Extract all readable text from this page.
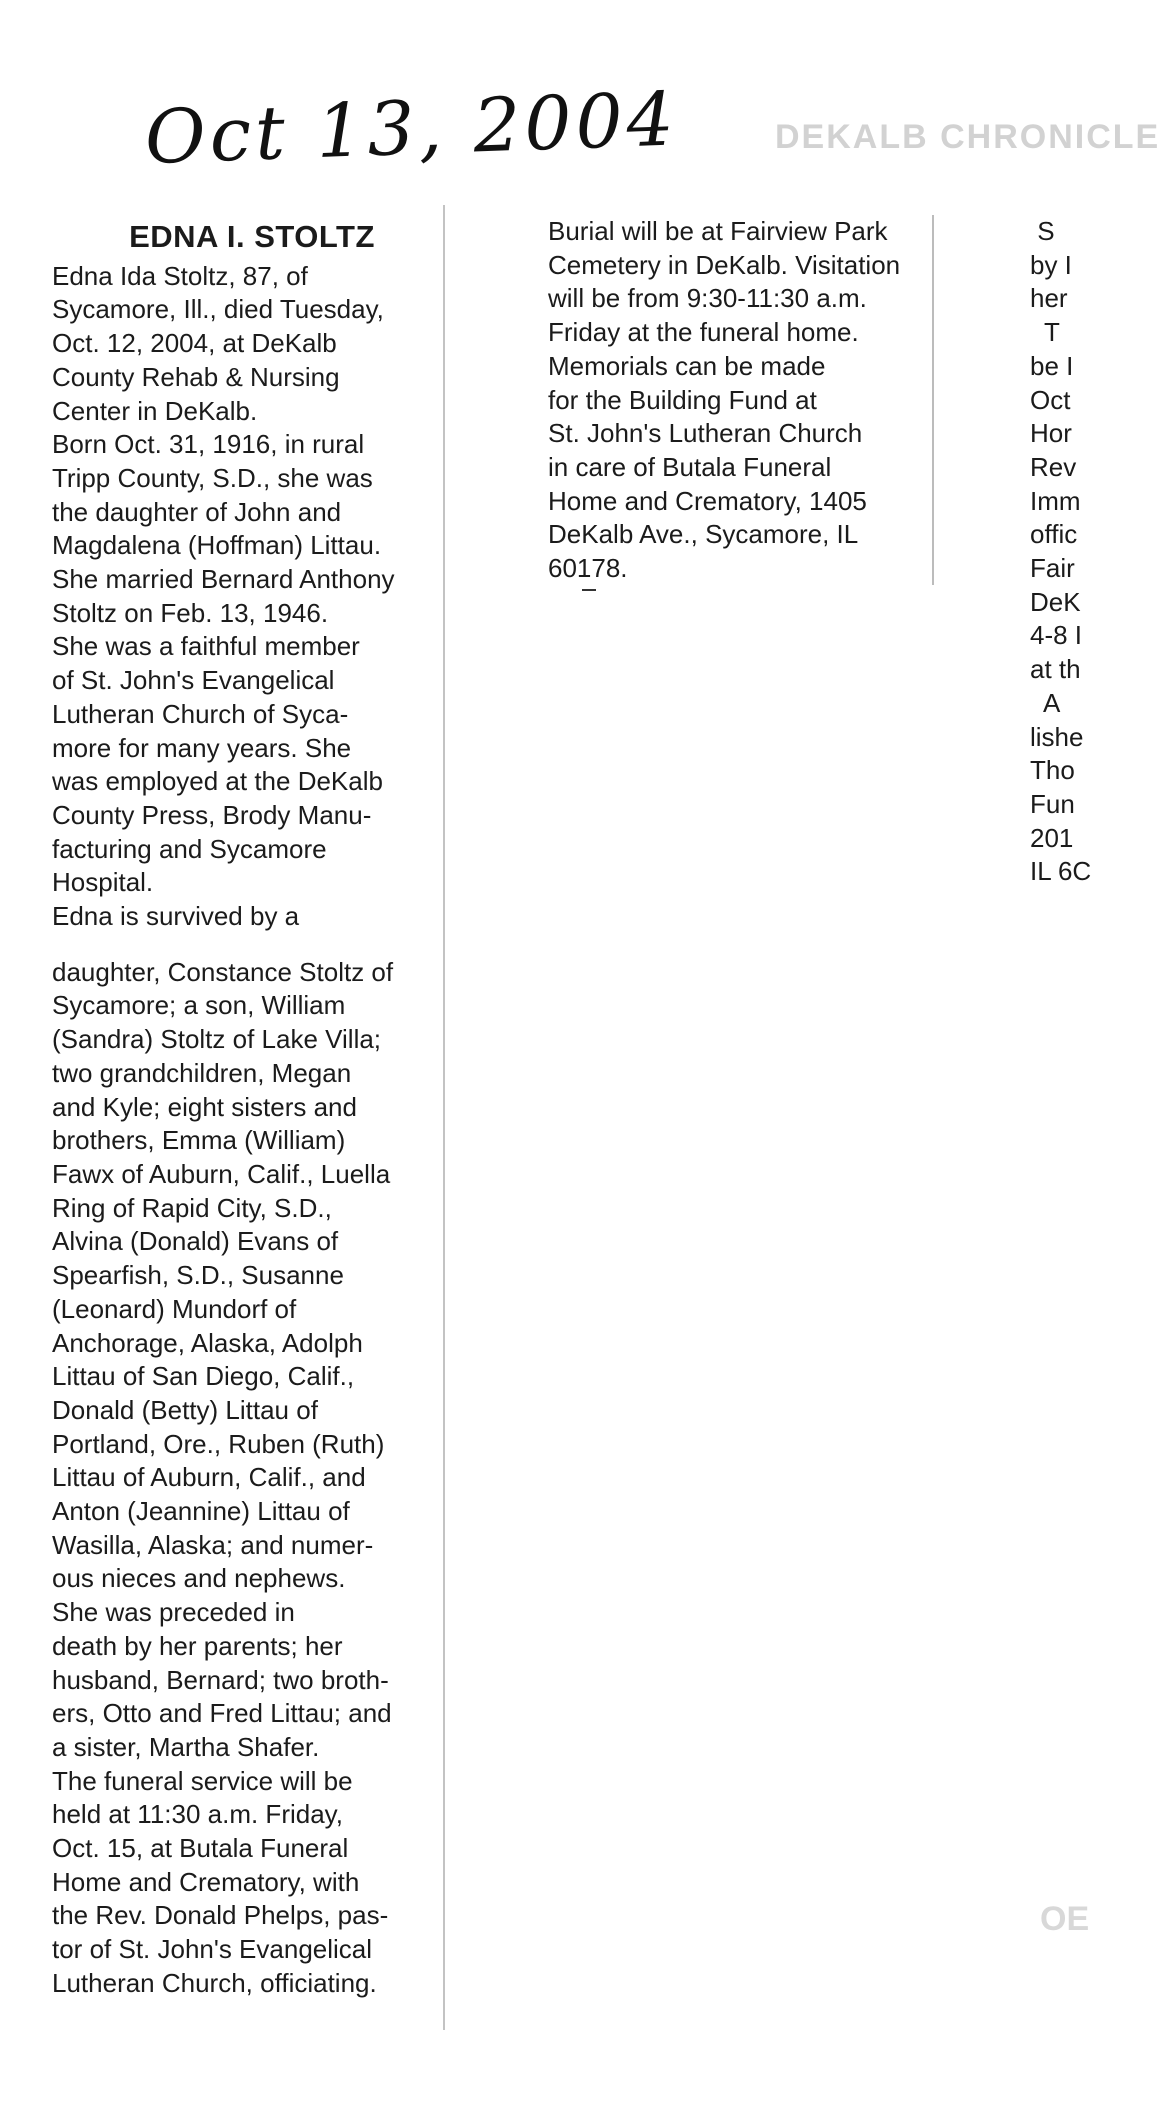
Oct 13, 2004	DEKALB CHRONICLE
EDNA I. STOLTZ

Edna Ida Stoltz, 87, of
Sycamore, Ill., died Tuesday,
Oct. 12, 2004, at DeKalb
County Rehab & Nursing
Center in DeKalb.

Born Oct. 31, 1916, in rural
Tripp County, S.D., she was
the daughter of John and
Magdalena (Hoffman) Littau.
She married Bernard Anthony
Stoltz on Feb. 13, 1946.

She was a faithful member
of St. John's Evangelical
Lutheran Church of Syca-
more for many years. She
was employed at the DeKalb
County Press, Brody Manu-
facturing and Sycamore
Hospital.

Edna is survived by a

daughter, Constance Stoltz of
Sycamore; a son, William
(Sandra) Stoltz of Lake Villa;
two grandchildren, Megan
and Kyle; eight sisters and
brothers, Emma (William)
Fawx of Auburn, Calif., Luella
Ring of Rapid City, S.D.,
Alvina (Donald) Evans of
Spearfish, S.D., Susanne
(Leonard) Mundorf of
Anchorage, Alaska, Adolph
Littau of San Diego, Calif.,
Donald (Betty) Littau of
Portland, Ore., Ruben (Ruth)
Littau of Auburn, Calif., and
Anton (Jeannine) Littau of
Wasilla, Alaska; and numer-
ous nieces and nephews.

She was preceded in
death by her parents; her
husband, Bernard; two broth-
ers, Otto and Fred Littau; and
a sister, Martha Shafer.

The funeral service will be
held at 11:30 a.m. Friday,
Oct. 15, at Butala Funeral
Home and Crematory, with
the Rev. Donald Phelps, pas-
tor of St. John's Evangelical
Lutheran Church, officiating.

Burial will be at Fairview Park
Cemetery in DeKalb. Visitation
will be from 9:30-11:30 a.m.
Friday at the funeral home.

Memorials can be made
for the Building Fund at
St. John's Lutheran Church
in care of Butala Funeral
Home and Crematory, 1405
DeKalb Ave., Sycamore, IL
60178.

S
by I
her
T
be I
Oct
Hor
Rev
Imm
offic
Fair
DeK
4-8 I
at th
A
lishe
Tho
Fun
201
IL 6C

OE
